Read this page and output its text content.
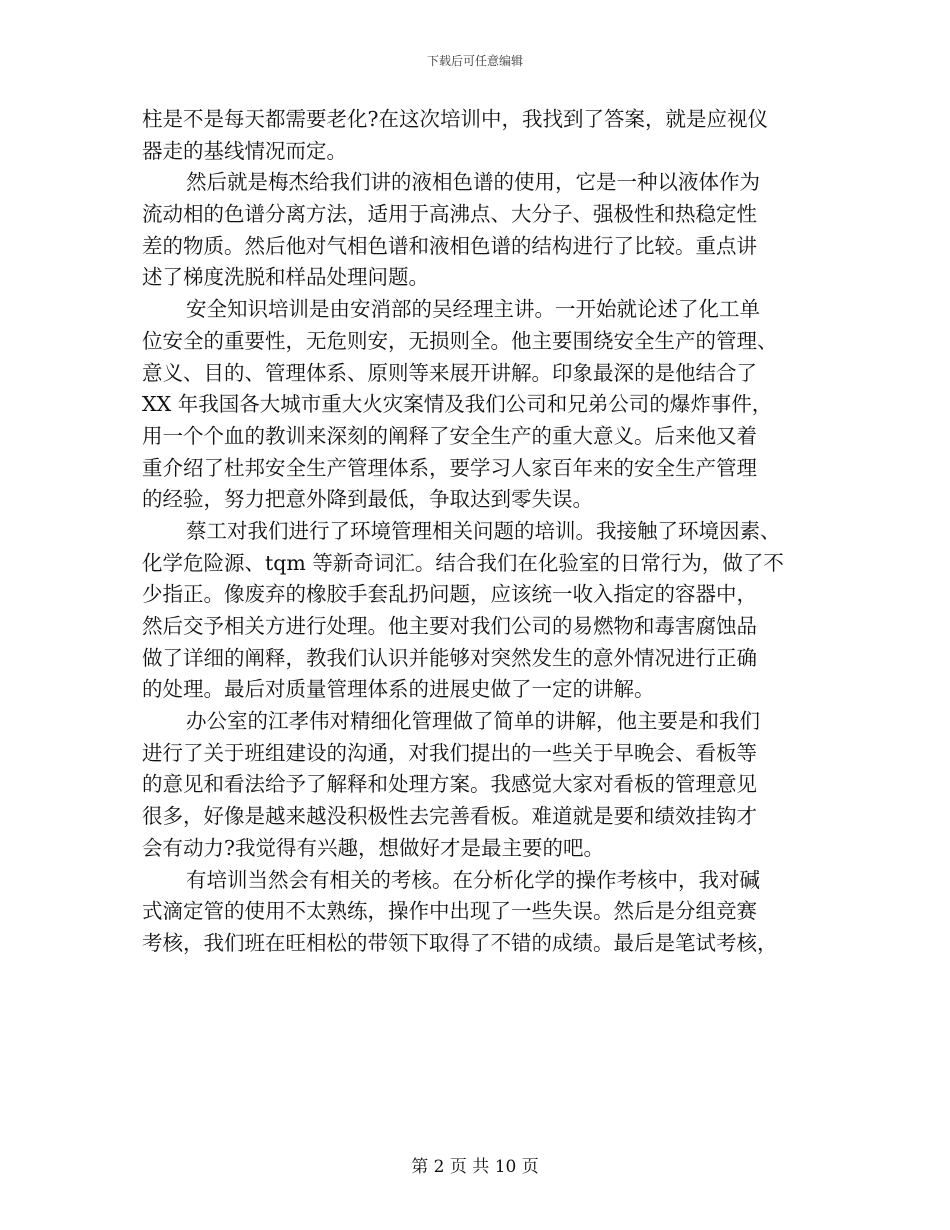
下载后可任意编辑
柱是不是每天都需要老化?在这次培训中，我找到了答案，就是应视仪
器走的基线情况而定。
然后就是梅杰给我们讲的液相色谱的使用，它是一种以液体作为
流动相的色谱分离方法，适用于高沸点、大分子、强极性和热稳定性
差的物质。然后他对气相色谱和液相色谱的结构进行了比较。重点讲
述了梯度洗脱和样品处理问题。
安全知识培训是由安消部的吴经理主讲。一开始就论述了化工单
位安全的重要性，无危则安，无损则全。他主要围绕安全生产的管理、
意义、目的、管理体系、原则等来展开讲解。印象最深的是他结合了
XX 年我国各大城市重大火灾案情及我们公司和兄弟公司的爆炸事件，
用一个个血的教训来深刻的阐释了安全生产的重大意义。后来他又着
重介绍了杜邦安全生产管理体系，要学习人家百年来的安全生产管理
的经验，努力把意外降到最低，争取达到零失误。
蔡工对我们进行了环境管理相关问题的培训。我接触了环境因素、
化学危险源、tqm 等新奇词汇。结合我们在化验室的日常行为，做了不
少指正。像废弃的橡胶手套乱扔问题，应该统一收入指定的容器中，
然后交予相关方进行处理。他主要对我们公司的易燃物和毒害腐蚀品
做了详细的阐释，教我们认识并能够对突然发生的意外情况进行正确
的处理。最后对质量管理体系的进展史做了一定的讲解。
办公室的江孝伟对精细化管理做了简单的讲解，他主要是和我们
进行了关于班组建设的沟通，对我们提出的一些关于早晚会、看板等
的意见和看法给予了解释和处理方案。我感觉大家对看板的管理意见
很多，好像是越来越没积极性去完善看板。难道就是要和绩效挂钩才
会有动力?我觉得有兴趣，想做好才是最主要的吧。
有培训当然会有相关的考核。在分析化学的操作考核中，我对碱
式滴定管的使用不太熟练，操作中出现了一些失误。然后是分组竞赛
考核，我们班在旺相松的带领下取得了不错的成绩。最后是笔试考核，
第 2 页 共 10 页
